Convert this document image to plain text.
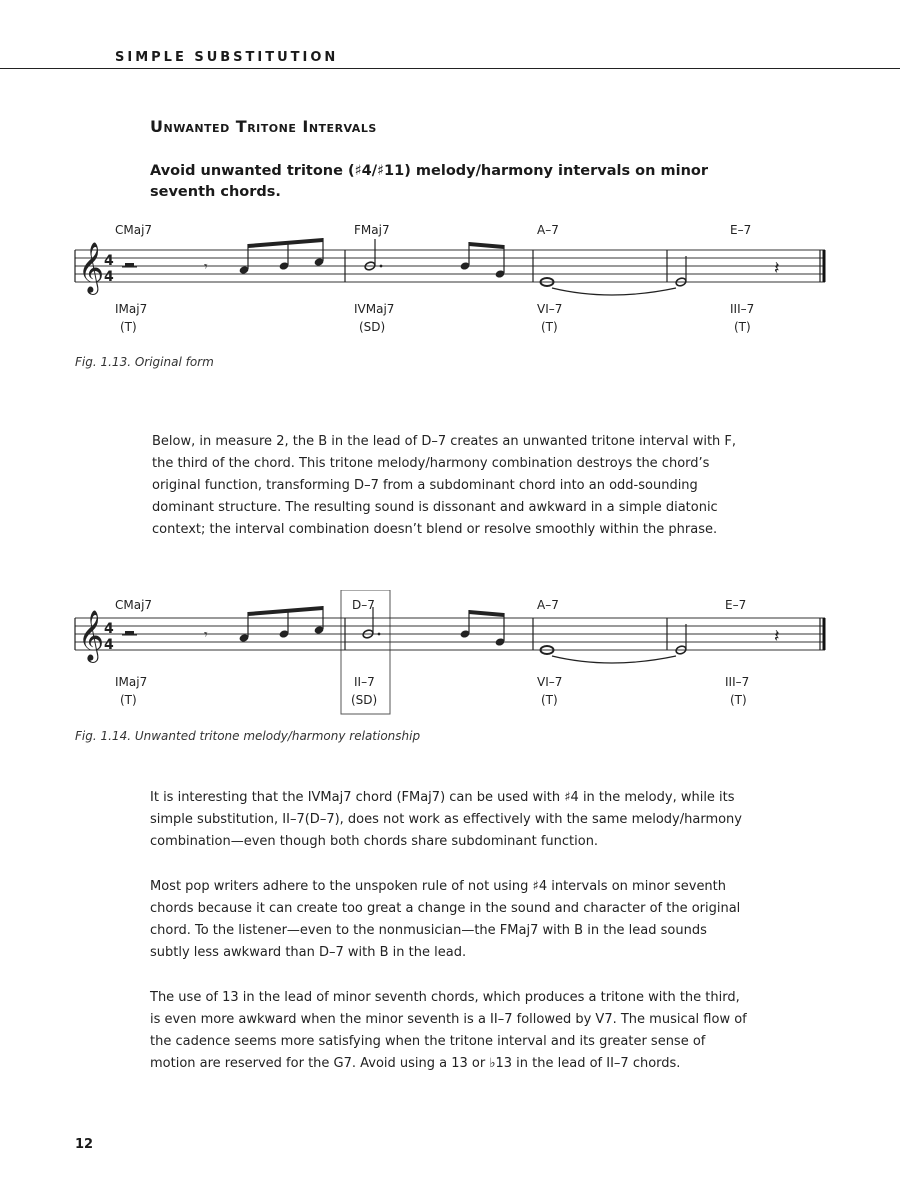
SIMPLE SUBSTITUTION
Unwanted Tritone Intervals
Avoid unwanted tritone (♯4/♯11) melody/harmony intervals on minor seventh chords.
CMaj7	FMaj7	A–7	E–7
𝄞 4
4
𝄾	𝄽
IMaj7	IVMaj7	VI–7	III–7
(T)	(SD)	(T)	(T)
Fig. 1.13. Original form
Below, in measure 2, the B in the lead of D–7 creates an unwanted tritone interval with F, the third of the chord. This tritone melody/harmony combination destroys the chord’s original function, transforming D–7 from a subdominant chord into an odd-sounding dominant structure. The resulting sound is dissonant and awkward in a simple diatonic context; the interval combination doesn’t blend or resolve smoothly within the phrase.
CMaj7	D–7	A–7	E–7
𝄞 4
4
𝄾	𝄽
IMaj7	II–7	VI–7	III–7
(T)	(SD)	(T)	(T)
Fig. 1.14. Unwanted tritone melody/harmony relationship
It is interesting that the IVMaj7 chord (FMaj7) can be used with ♯4 in the melody, while its simple substitution, II–7(D–7), does not work as effectively with the same melody/harmony combination—even though both chords share subdominant function.
Most pop writers adhere to the unspoken rule of not using ♯4 intervals on minor seventh chords because it can create too great a change in the sound and character of the original chord. To the listener—even to the nonmusician—the FMaj7 with B in the lead sounds subtly less awkward than D–7 with B in the lead.
The use of 13 in the lead of minor seventh chords, which produces a tritone with the third, is even more awkward when the minor seventh is a II–7 followed by V7. The musical flow of the cadence seems more satisfying when the tritone interval and its greater sense of motion are reserved for the G7. Avoid using a 13 or ♭13 in the lead of II–7 chords.
12
